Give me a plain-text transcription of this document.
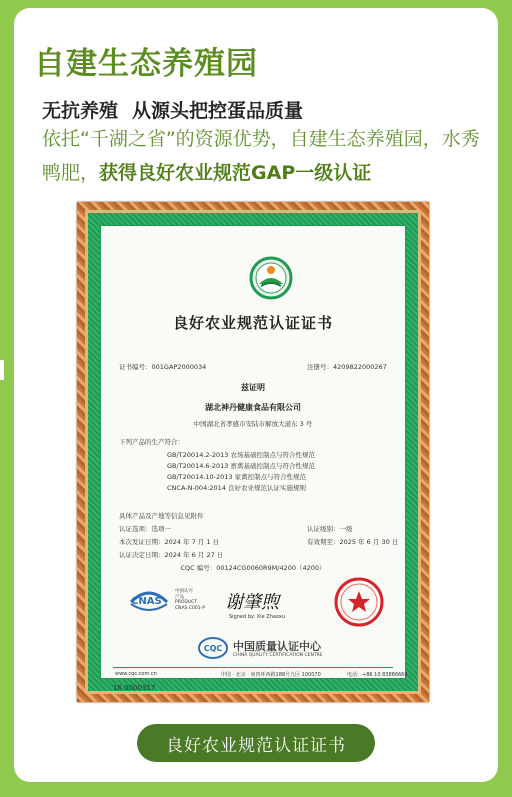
自建生态养殖园
无抗养殖 从源头把控蛋品质量
依托“千湖之省”的资源优势，自建生态养殖园，水秀鸭肥，获得良好农业规范GAP一级认证
良好农业规范认证证书
证书编号：001GAP2000034	注册号：4209822000267
兹证明
湖北神丹健康食品有限公司
中国湖北省孝感市安陆市解放大道东 3 号
下列产品的生产符合：
GB/T20014.2-2013 农场基础控制点与符合性规范
GB/T20014.6-2013 畜禽基础控制点与符合性规范
GB/T20014.10-2013 家禽控制点与符合性规范
CNCA-N-004:2014 良好农业规范认证实施规则
具体产品及产地等信息见附件
认证选项：选项一	认证级别：一级
本次发证日期：2024 年 7 月 1 日	有效期至：2025 年 6 月 30 日
认证决定日期：2024 年 6 月 27 日
CQC 编号：00124CG0060R9M/4200（4200）
CNAS
中国认可
产品
PRODUCT
CNAS C001-P 谢肇煦
Signed by: Xie Zhaoxu
CQC 中国质量认证中心
CHINA QUALITY CERTIFICATION CENTRE
www.cqc.com.cn	中国 · 北京 · 南四环西路188号九区 100070	电话：+86 10 83886666
16 0000317
良好农业规范认证证书
